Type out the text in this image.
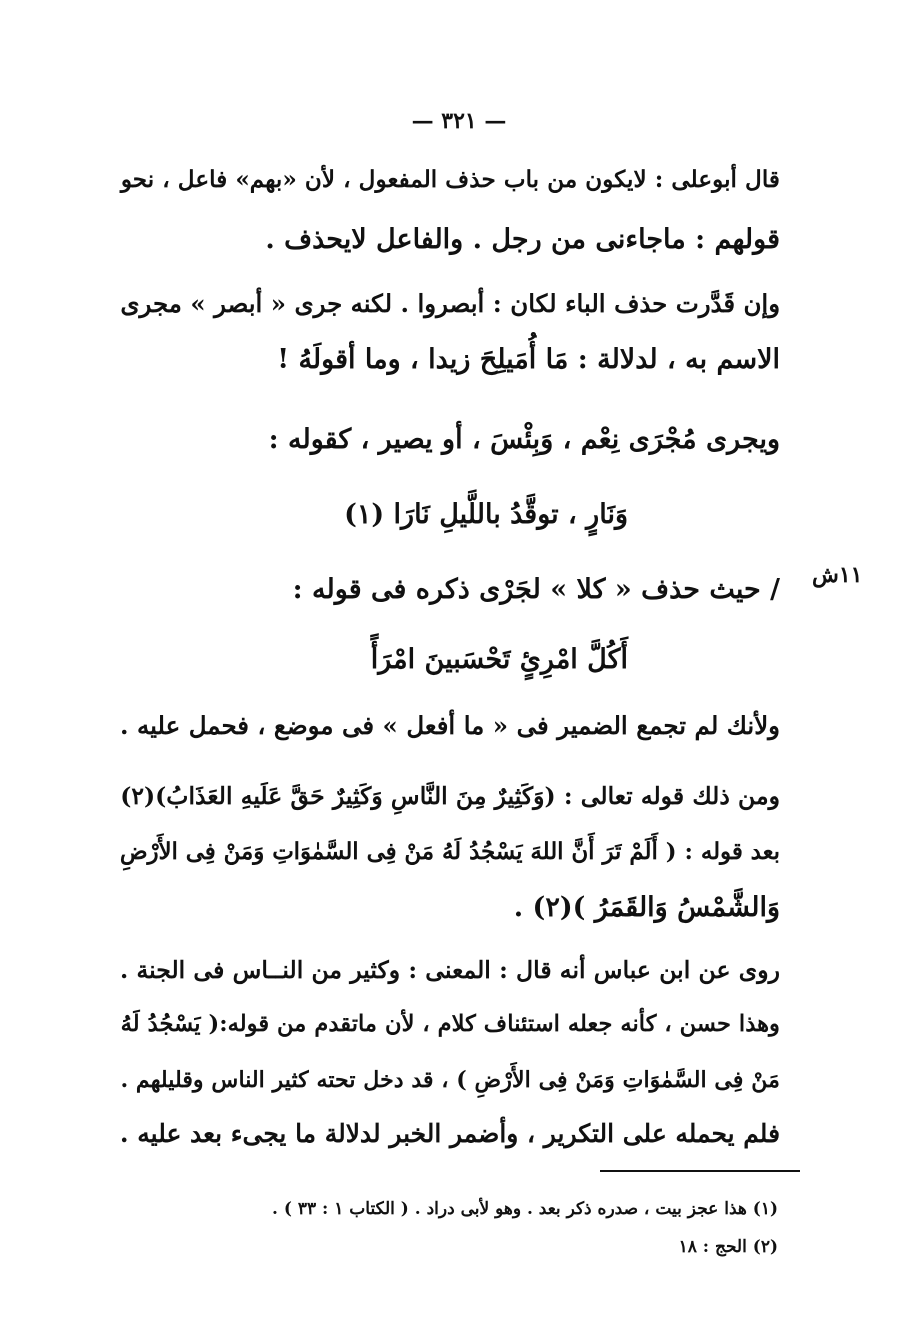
— ٣٢١ —
١١ش
قال أبوعلى : لايكون من باب حذف المفعول ، لأن «بهم» فاعل ، نحو
قولهم : ماجاءنى من رجل . والفاعل لايحذف .
وإن قَدَّرت حذف الباء لكان : أبصروا . لكنه جرى « أبصر » مجرى
الاسم به ، لدلالة : مَا أُمَيلِحَ زيدا ، وما أقولَهُ !
ويجرى مُجْرَى نِعْم ، وَبِئْسَ ، أو يصير ، كقوله :
وَنَارٍ ، توقَّدُ باللَّيلِ نَارَا (١)
/ حيث حذف « كلا » لجَرْى ذكره فى قوله :
أَكُلَّ امْرِئٍ تَحْسَبينَ امْرَأً
ولأنك لم تجمع الضمير فى « ما أفعل » فى موضع ، فحمل عليه .
ومن ذلك قوله تعالى : (وَكَثِيرٌ مِنَ النَّاسِ وَكَثِيرٌ حَقَّ عَلَيهِ العَذَابُ)(٢)
بعد قوله : ( أَلَمْ تَرَ أَنَّ اللهَ يَسْجُدُ لَهُ مَنْ فِى السَّمٰوَاتِ وَمَنْ فِى الأَرْضِ
وَالشَّمْسُ وَالقَمَرُ )(٢) .
روى عن ابن عباس أنه قال : المعنى : وكثير من النــاس فى الجنة .
وهذا حسن ، كأنه جعله استئناف كلام ، لأن ماتقدم من قوله:( يَسْجُدُ لَهُ
مَنْ فِى السَّمٰوَاتِ وَمَنْ فِى الأَرْضِ ) ، قد دخل تحته كثير الناس وقليلهم .
فلم يحمله على التكرير ، وأضمر الخبر لدلالة ما يجىء بعد عليه .
(١) هذا عجز بيت ، صدره ذكر بعد . وهو لأبى دراد . ( الكتاب ١ : ٣٣ ) .
(٢) الحج : ١٨
